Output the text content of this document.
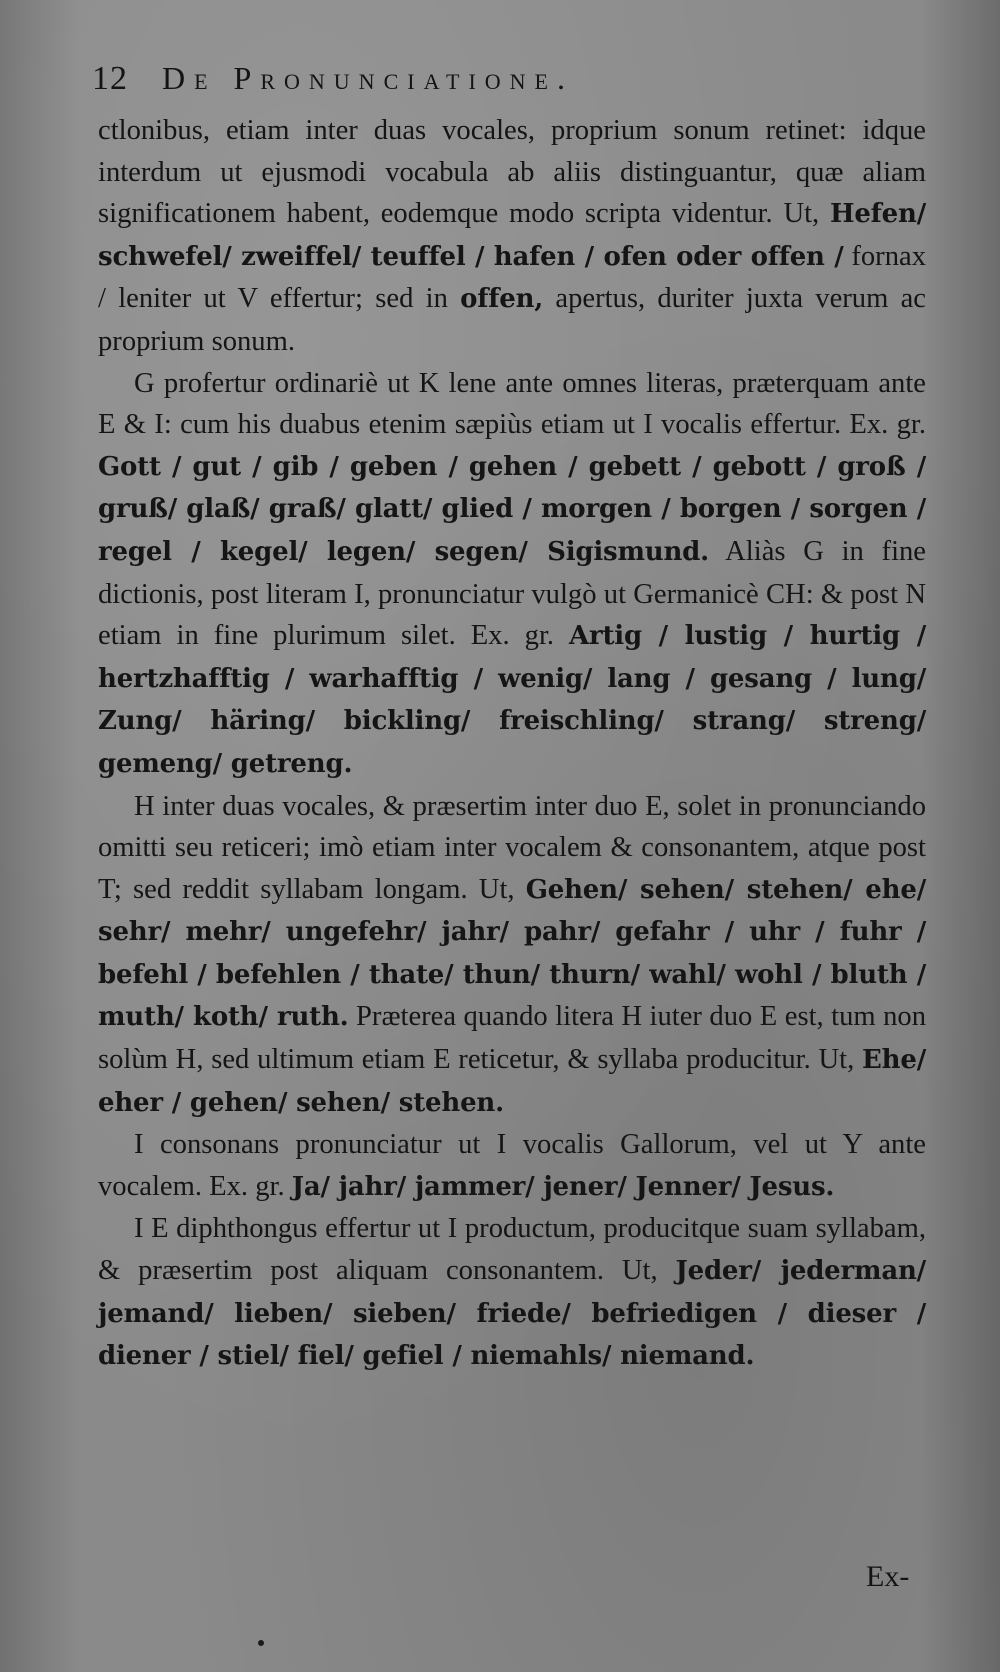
12 De Pronunciatione.

ctlonibus, etiam inter duas vocales, proprium sonum retinet: idque interdum ut ejusmodi vocabula ab aliis distinguantur, quæ aliam significationem habent, eodemque modo scripta videntur. Ut, Hefen/ schwefel/ zweiffel/ teuffel / hafen / ofen oder offen / fornax / leniter ut V effertur; sed in offen, apertus, duriter juxta verum ac proprium sonum.

G profertur ordinariè ut K lene ante omnes literas, præterquam ante E & I: cum his duabus etenim sæpiùs etiam ut I vocalis effertur. Ex. gr. Gott / gut / gib / geben / gehen / gebett / gebott / groß / gruß/ glaß/ graß/ glatt/ glied / morgen / borgen / sorgen / regel / kegel/ legen/ segen/ Sigismund. Aliàs G in fine dictionis, post literam I, pronunciatur vulgò ut Germanicè CH: & post N etiam in fine plurimum silet. Ex. gr. Artig / lustig / hurtig / hertzhafftig / warhafftig / wenig/ lang / gesang / lung/ Zung/ häring/ bickling/ freischling/ strang/ streng/ gemeng/ getreng.

H inter duas vocales, & præsertim inter duo E, solet in pronunciando omitti seu reticeri; imò etiam inter vocalem & consonantem, atque post T; sed reddit syllabam longam. Ut, Gehen/ sehen/ stehen/ ehe/ sehr/ mehr/ ungefehr/ jahr/ pahr/ gefahr / uhr / fuhr / befehl / befehlen / thate/ thun/ thurn/ wahl/ wohl / bluth / muth/ koth/ ruth. Præterea quando litera H iuter duo E est, tum non solùm H, sed ultimum etiam E reticetur, & syllaba producitur. Ut, Ehe/ eher / gehen/ sehen/ stehen.

I consonans pronunciatur ut I vocalis Gallorum, vel ut Y ante vocalem. Ex. gr. Ja/ jahr/ jammer/ jener/ Jenner/ Jesus.

I E diphthongus effertur ut I productum, producitque suam syllabam, & præsertim post aliquam consonantem. Ut, Jeder/ jederman/ jemand/ lieben/ sieben/ friede/ befriedigen / dieser / diener / stiel/ fiel/ gefiel / niemahls/ niemand.

Ex-
